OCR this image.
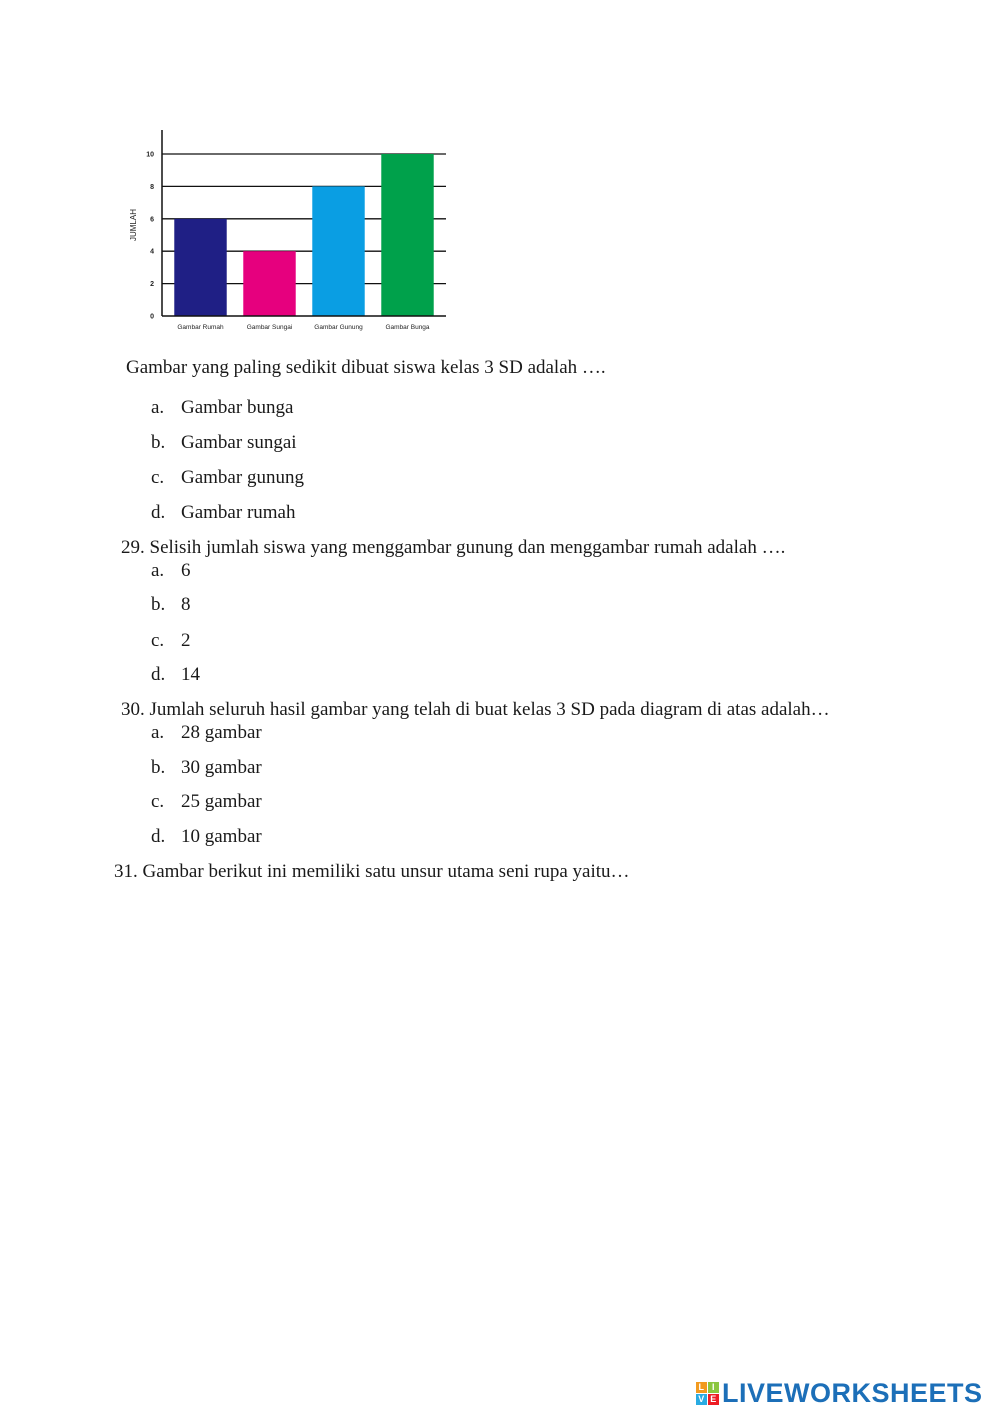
0
2
4
6
8
10
Gambar Rumah	Gambar Sungai	Gambar Gunung	Gambar Bunga
JUMLAH
Gambar yang paling sedikit dibuat siswa kelas 3 SD adalah ….
a. Gambar bunga
b. Gambar sungai
c. Gambar gunung
d. Gambar rumah
29. Selisih jumlah siswa yang menggambar gunung dan menggambar rumah adalah ….
a. 6
b. 8
c. 2
d. 14
30. Jumlah seluruh hasil gambar yang telah di buat kelas 3 SD pada diagram di atas adalah…
a. 28 gambar
b. 30 gambar
c. 25 gambar
d. 10 gambar
31. Gambar berikut ini memiliki satu unsur utama seni rupa yaitu…
L I
V E LIVEWORKSHEETS
